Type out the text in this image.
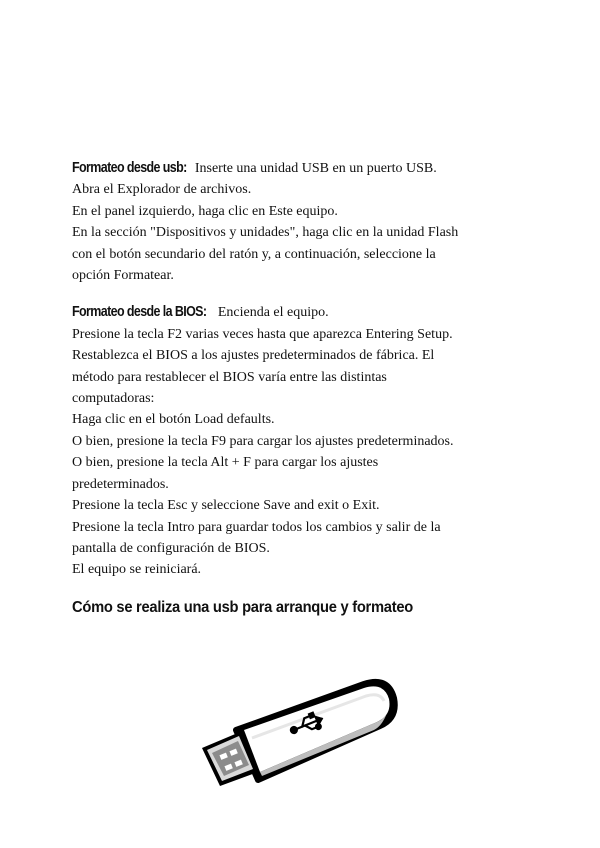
Formateo desde usb: Inserte una unidad USB en un puerto USB.
Abra el Explorador de archivos.
En el panel izquierdo, haga clic en Este equipo.
En la sección "Dispositivos y unidades", haga clic en la unidad Flash
con el botón secundario del ratón y, a continuación, seleccione la
opción Formatear.
Formateo desde la BIOS: Encienda el equipo.
Presione la tecla F2 varias veces hasta que aparezca Entering Setup.
Restablezca el BIOS a los ajustes predeterminados de fábrica. El
método para restablecer el BIOS varía entre las distintas
computadoras:
Haga clic en el botón Load defaults.
O bien, presione la tecla F9 para cargar los ajustes predeterminados.
O bien, presione la tecla Alt + F para cargar los ajustes
predeterminados.
Presione la tecla Esc y seleccione Save and exit o Exit.
Presione la tecla Intro para guardar todos los cambios y salir de la
pantalla de configuración de BIOS.
El equipo se reiniciará.
Cómo se realiza una usb para arranque y formateo
